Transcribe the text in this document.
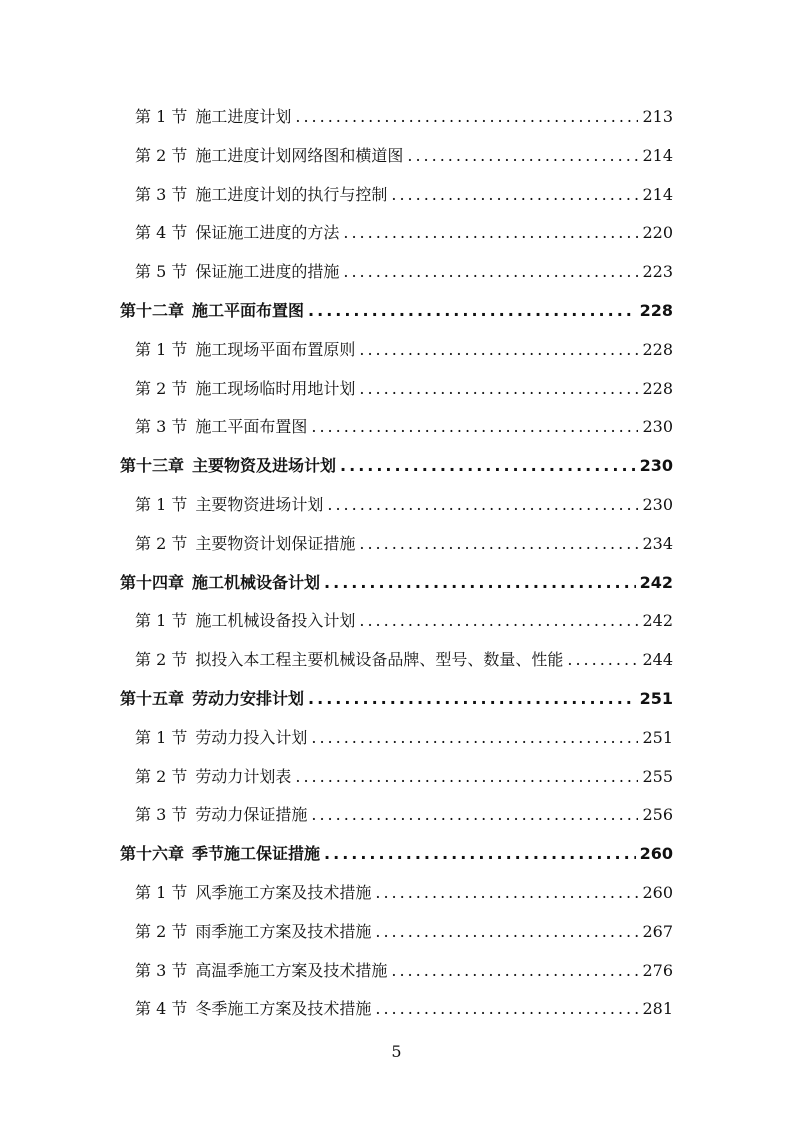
第 1 节 施工进度计划 .....	213
第 2 节 施工进度计划网络图和横道图 .....	214
第 3 节 施工进度计划的执行与控制 .....	214
第 4 节 保证施工进度的方法 .....	220
第 5 节 保证施工进度的措施 .....	223
第十二章 施工平面布置图 .....	228
第 1 节 施工现场平面布置原则 .....	228
第 2 节 施工现场临时用地计划 .....	228
第 3 节 施工平面布置图 .....	230
第十三章 主要物资及进场计划 .....	230
第 1 节 主要物资进场计划 .....	230
第 2 节 主要物资计划保证措施 .....	234
第十四章 施工机械设备计划 .....	242
第 1 节 施工机械设备投入计划 .....	242
第 2 节 拟投入本工程主要机械设备品牌、型号、数量、性能 .....	244
第十五章 劳动力安排计划 .....	251
第 1 节 劳动力投入计划 .....	251
第 2 节 劳动力计划表 .....	255
第 3 节 劳动力保证措施 .....	256
第十六章 季节施工保证措施 .....	260
第 1 节 风季施工方案及技术措施 .....	260
第 2 节 雨季施工方案及技术措施 .....	267
第 3 节 高温季施工方案及技术措施 .....	276
第 4 节 冬季施工方案及技术措施 .....	281
5
